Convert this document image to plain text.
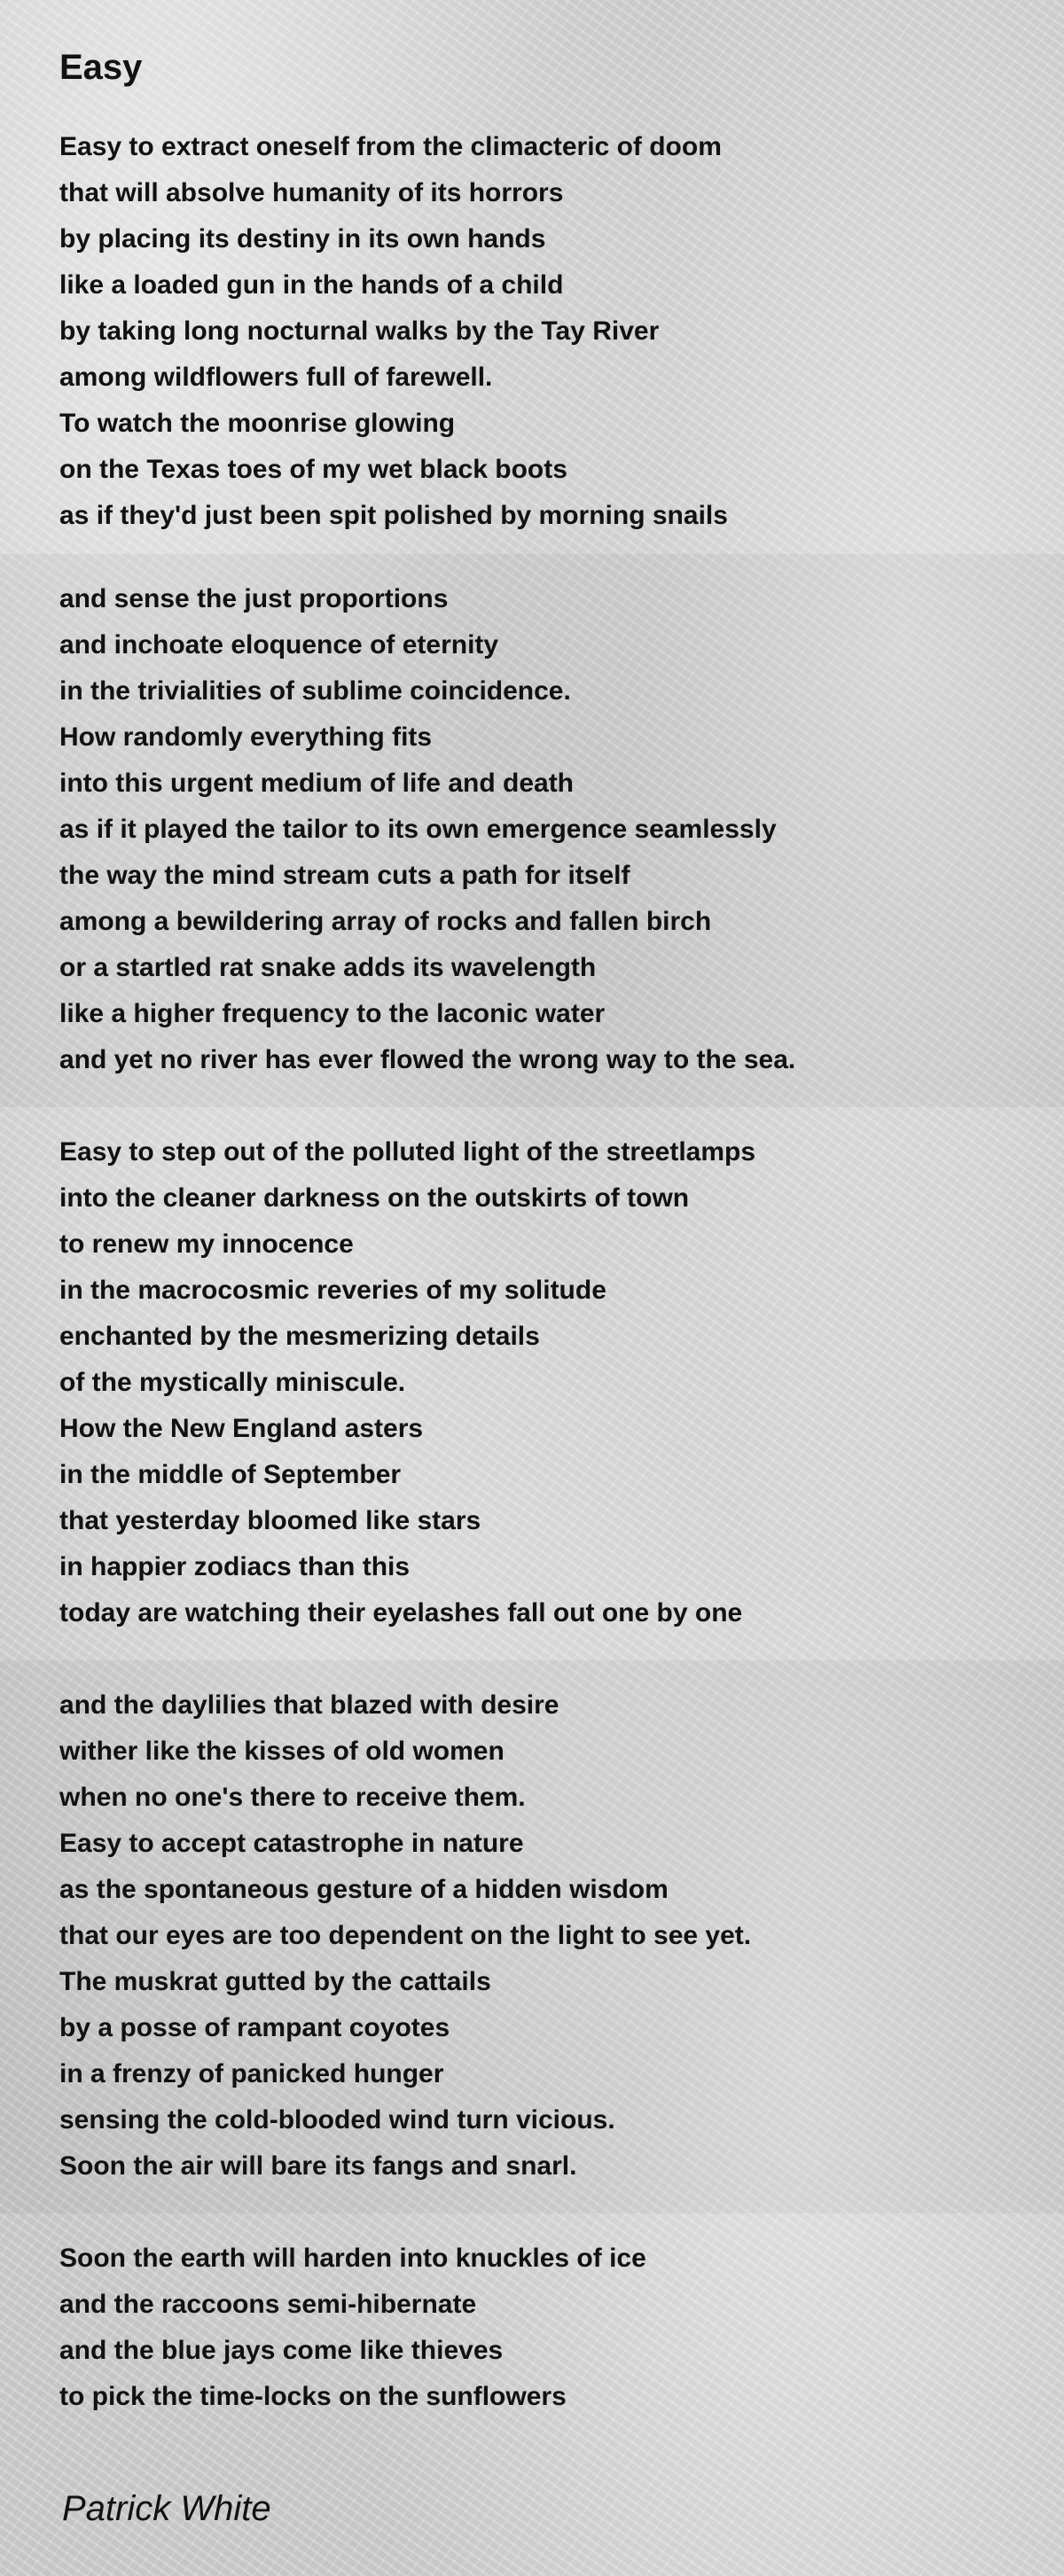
Easy
Easy to extract oneself from the climacteric of doom
that will absolve humanity of its horrors
by placing its destiny in its own hands
like a loaded gun in the hands of a child
by taking long nocturnal walks by the Tay River
among wildflowers full of farewell.
To watch the moonrise glowing
on the Texas toes of my wet black boots
as if they'd just been spit polished by morning snails
and sense the just proportions
and inchoate eloquence of eternity
in the trivialities of sublime coincidence.
How randomly everything fits
into this urgent medium of life and death
as if it played the tailor to its own emergence seamlessly
the way the mind stream cuts a path for itself
among a bewildering array of rocks and fallen birch
or a startled rat snake adds its wavelength
like a higher frequency to the laconic water
and yet no river has ever flowed the wrong way to the sea.
Easy to step out of the polluted light of the streetlamps
into the cleaner darkness on the outskirts of town
to renew my innocence
in the macrocosmic reveries of my solitude
enchanted by the mesmerizing details
of the mystically miniscule.
How the New England asters
in the middle of September
that yesterday bloomed like stars
in happier zodiacs than this
today are watching their eyelashes fall out one by one
and the daylilies that blazed with desire
wither like the kisses of old women
when no one's there to receive them.
Easy to accept catastrophe in nature
as the spontaneous gesture of a hidden wisdom
that our eyes are too dependent on the light to see yet.
The muskrat gutted by the cattails
by a posse of rampant coyotes
in a frenzy of panicked hunger
sensing the cold-blooded wind turn vicious.
Soon the air will bare its fangs and snarl.
Soon the earth will harden into knuckles of ice
and the raccoons semi-hibernate
and the blue jays come like thieves
to pick the time-locks on the sunflowers
Patrick White
